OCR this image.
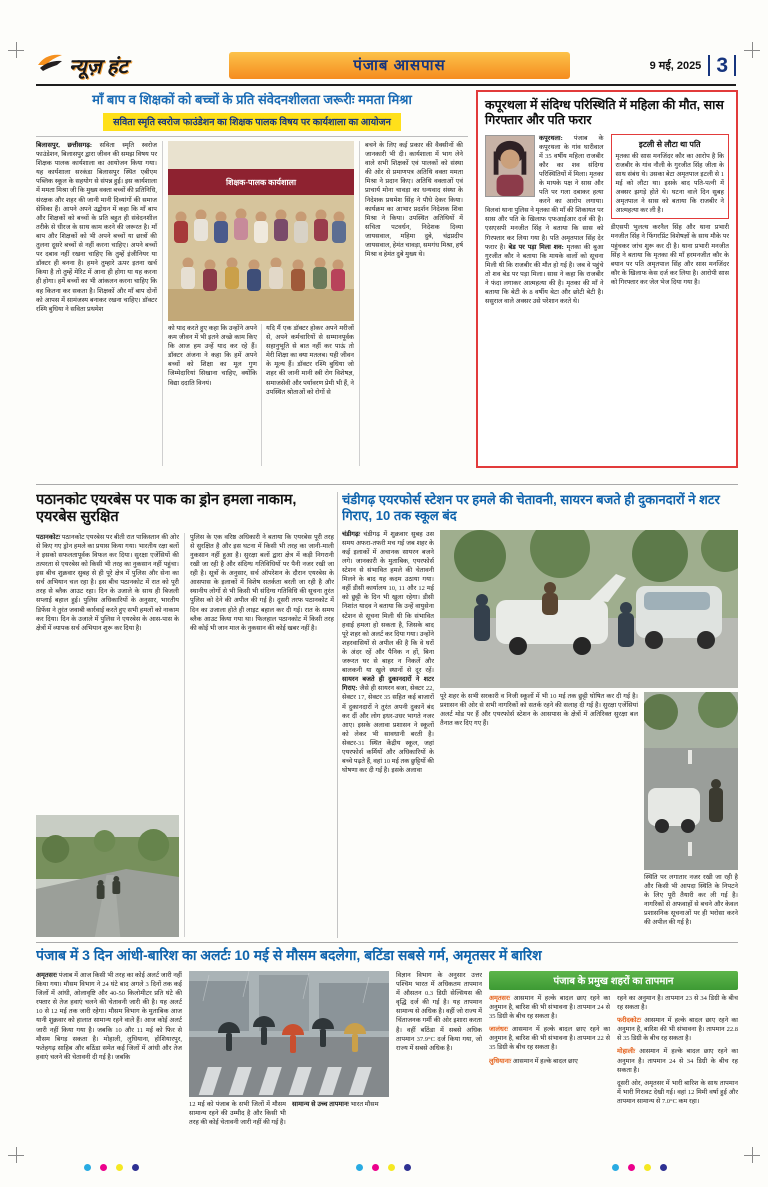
न्यूज़ हंट	पंजाब आसपास	9 मई, 2025 3
माँ बाप व शिक्षकों को बच्चों के प्रति संवेदनशीलता जरूरीः ममता मिश्रा
सविता स्मृति स्वरोज फाउंडेशन का शिक्षक पालक विषय पर कार्यशाला का आयोजन
बिलासपुर, छत्तीसगढ़: सविता स्मृति स्वरोज फाउंडेशन, बिलासपुर द्वारा जीवन की समझ विषय पर शिक्षक पालक कार्यशाला का आयोजन किया गया। यह कार्यशाला सरकंडा बिलासपुर स्थित एबीएम पब्लिक स्कूल के सहयोग से संपन्न हुई। इस कार्यशाला में ममता मिश्रा जी कि मुख्य वक्ता बच्चों की प्रतिनिधि, संरक्षक और शहर की जानी मानी दिव्यांगों की समाज सेविका हैं। आपने अपने उद्बोधन में कहा कि माँ बाप और शिक्षकों को बच्चों के प्रति बहुत ही संवेदनशील तरीके से धीरज के साथ काम करने की जरूरत है। माँ बाप और शिक्षकों को भी अपने बच्चों या छात्रों की तुलना दूसरे बच्चों से नहीं करना चाहिए। अपने बच्चों पर दबाव नहीं रखना चाहिए कि तुम्हें इंजीनियर या डॉक्टर ही बनना है। हमने तुम्हारे ऊपर इतना खर्च किया है तो तुम्हें मेरिट में आना ही होगा या यह करना ही होगा। हमें बच्चों का भी आंकलन करना चाहिए कि वह कितना कर सकता है। शिक्षकों और माँ बाप दोनों को आपस में सामंजस्य बनाकर रखना चाहिए। डॉक्टर रश्मि बुधिया ने सविता प्रथमेश
शिक्षक-पालक कार्यशाला
को याद करते हुए कहा कि उन्होंने अपने कम जीवन में भी इतने अच्छे काम किए कि आज हम उन्हें याद कर रहे हैं। डॉक्टर अंजना ने कहा कि हमें अपने बच्चों को शिक्षा का मूल गुण जिम्मेदारियां सिखाना चाहिए, क्योंकि विद्या ददाति विनयं।
यदि मैं एक डॉक्टर होकर अपने मरीजों से, अपने कर्मचारियों से सम्मानपूर्वक सहानुभूति से बात नहीं कर पाऊं तो मेरी शिक्षा का क्या मतलब। यही जीवन के मूल्य हैं। डॉक्टर रश्मि बुधिया जो शहर की जानी मानी स्त्री रोग विशेषज्ञ, समाजसेवी और पर्यावरण प्रेमी भी हैं, ने उपस्थित श्रोताओं को रोगों से
बचने के लिए कई प्रकार की वैक्सीनों की जानकारी भी दी। कार्यशाला में भाग लेने वाले सभी शिक्षकों एवं पालकों को संस्था की ओर से प्रमाणपत्र अतिथि वक्ता ममता मिश्रा ने प्रदान किए। अतिथि वक्ताओं एवं प्राचार्य मोना चावड़ा का धन्यवाद संस्था के निदेशक प्रथमेश सिंह ने पौधे देकर किया। कार्यक्रम का आभार प्रदर्शन निदेशक शिवा मिश्रा ने किया। उपस्थित अतिथियों में सचिता पटवर्धन, निदेशक दिव्या जायसवाल, महिमा दुबे, चंद्रप्रदीप जायसवाल, हेमंत चावड़ा, समगंध मिश्रा, हर्ष मिश्रा व हेमंत दुबे मुख्य थे।
कपूरथला में संदिग्ध परिस्थिति में महिला की मौत, सास गिरफ्तार और पति फरार
कपूरथला: पंजाब के कपूरथला के गांव घारीवाल में 35 वर्षीय महिला राजबीर कौर का शव संदिग्ध परिस्थितियों में मिला। मृतका के मायके पक्ष ने सास और पति पर गला दबाकर हत्या करने का आरोप लगाया। विलवां थाना पुलिस ने मृतका की माँ की शिकायत पर सास और पति के खिलाफ एफआईआर दर्ज की है। एसएसपी मनजीत सिंह ने बताया कि सास को गिरफ्तार कर लिया गया है। पति अमृतपाल सिंह देर फरार है। बेड पर पड़ा मिला शव: मृतका की बुआ गुरजीत कौर ने बताया कि मायके वालों को सूचना मिली थी कि राजबीर की मौत हो गई है। जब वे पहुंचे तो शव बेड पर पड़ा मिला। सास ने कहा कि राजबीर ने फंदा लगाकर आत्महत्या की है। मृतका की माँ ने बताया कि बेटी के 8 वर्षीय बेटा और छोटी बेटी है। ससुराल वाले अक्सर उसे परेशान करते थे।
इटली से लौटा था पति
मृतका की सास मनजिंदर कौर का आरोप है कि राजबीर के गांव नौली के गुरजीत सिंह जीता के साथ संबंध थे। उसका बेटा अमृतपाल इटली से 1 मई को लौटा था। इसके बाद पति-पत्नी में अक्सर झगड़े होते थे। घटना वाले दिन सुबह अमृतपाल ने सास को बताया कि राजबीर ने आत्महत्या कर ली है।
डीएसपी भुलत्थ करनैल सिंह और थाना प्रभारी मनजीत सिंह ने फिंगरप्रिंट विशेषज्ञों के साथ मौके पर पहुंचकर जांच शुरू कर दी है। थाना प्रभारी मनजीत सिंह ने बताया कि मृतका की माँ हरमनजीत कौर के बयान पर पति अमृतपाल सिंह और सास मनजिंदर कौर के खिलाफ केस दर्ज कर लिया है। आरोपी सास को गिरफ्तार कर जेल भेज दिया गया है।
पठानकोट एयरबेस पर पाक का ड्रोन हमला नाकाम, एयरबेस सुरक्षित
पठानकोटः पठानकोट एयरबेस पर बीती रात पाकिस्तान की ओर से किए गए ड्रोन हमले का प्रयास किया गया। भारतीय रक्षा बलों ने इसको सफलतापूर्वक विफल कर दिया। सुरक्षा एजेंसियों की तत्परता से एयरबेस को किसी भी तरह का नुकसान नहीं पहुंचा। इस बीच शुक्रवार सुबह से ही पूरे क्षेत्र में पुलिस और सेना का सर्च अभियान चल रहा है। इस बीच पठानकोट में रात को पूरी तरह से ब्लैक आउट रहा। दिन के उजाले के साथ ही बिजली सप्लाई बहाल हुई। पुलिस अधिकारियों के अनुसार, भारतीय डिफेंस ने तुरंत जवाबी कार्रवाई करते हुए सभी हमलों को नाकाम कर दिया। दिन के उजाले में पुलिस ने एयरबेस के आस-पास के क्षेत्रों में व्यापक सर्च अभियान शुरू कर दिया है।
पुलिस के एक वरिष्ठ अधिकारी ने बताया कि एयरबेस पूरी तरह से सुरक्षित है और इस घटना में किसी भी तरह का जानी-माली नुकसान नहीं हुआ है। सुरक्षा बलों द्वारा क्षेत्र में कड़ी निगरानी रखी जा रही है और संदिग्ध गतिविधियों पर पैनी नजर रखी जा रही है। सूत्रों के अनुसार, सर्च ऑपरेशन के दौरान एयरबेस के आसपास के इलाकों में विशेष सतर्कता बरती जा रही है और स्थानीय लोगों से भी किसी भी संदिग्ध गतिविधि की सूचना तुरंत पुलिस को देने की अपील की गई है। दूसरी तरफ पठानकोट में दिन का उजाला होते ही लाइट बहाल कर दी गई। रात के समय ब्लैक आउट किया गया था। फिलहाल पठानकोट में किसी तरह की कोई भी जान माल के नुकसान की कोई खबर नहीं है।
चंडीगढ़ एयरफोर्स स्टेशन पर हमले की चेतावनी, सायरन बजते ही दुकानदारों ने शटर गिराए, 10 तक स्कूल बंद
चंडीगढ़ः चंडीगढ़ में शुक्रवार सुबह उस समय अफरा-तफरी मच गई जब शहर के कई इलाकों में अचानक सायरन बजने लगे। जानकारी के मुताबिक, एयरफोर्स स्टेशन से संभावित हमले की चेतावनी मिलने के बाद यह कदम उठाया गया। वहीं डीसी कार्यालय 10, 11 और 12 मई को छुट्टी के दिन भी खुला रहेगा। डीसी निशांत यादव ने बताया कि उन्हें वायुसेना स्टेशन से सूचना मिली थी कि संभावित हवाई हमला हो सकता है, जिसके बाद पूरे शहर को अलर्ट कर दिया गया। उन्होंने शहरवासियों से अपील की है कि वे घरों के अंदर रहें और पैनिक न हों, बिना जरूरत घर से बाहर न निकलें और बालकनी या खुले स्थानों से दूर रहें। सायरन बजते ही दुकानदारों ने शटर गिराए: जैसे ही सायरन बजा, सेक्टर 22, सेक्टर 17, सेक्टर 35 सहित कई बाजारों में दुकानदारों ने तुरंत अपनी दुकानें बंद कर दीं और लोग इधर-उधर भागते नजर आए। इसके अलावा प्रशासन ने स्कूलों को लेकर भी सावधानी बरती है। सेक्टर-31 स्थित केंद्रीय स्कूल, जहां एयरफोर्स कर्मियों और अधिकारियों के बच्चे पढ़ते हैं, वहां 10 मई तक छुट्टियों की घोषणा कर दी गई है। इसके अलावा
पूरे शहर के सभी सरकारी व निजी स्कूलों में भी 10 मई तक छुट्टी घोषित कर दी गई है। प्रशासन की ओर से सभी नागरिकों को सतर्क रहने की सलाह दी गई है। सुरक्षा एजेंसियां अलर्ट मोड पर हैं और एयरफोर्स स्टेशन के आसपास के क्षेत्रों में अतिरिक्त सुरक्षा बल तैनात कर दिए गए हैं।
स्थिति पर लगातार नजर रखी जा रही है और किसी भी आपदा स्थिति के निपटने के लिए पूरी तैयारी कर ली गई है। नागरिकों से अफवाहों से बचने और केवल प्रशासनिक सूचनाओं पर ही भरोसा करने की अपील की गई है।
पंजाब में 3 दिन आंधी-बारिश का अलर्टः 10 मई से मौसम बदलेगा, बटिंडा सबसे गर्म, अमृतसर में बारिश
अमृतसरः पंजाब में आज किसी भी तरह का कोई अलर्ट जारी नहीं किया गया। मौसम विभाग ने 24 घंटे बाद अगले 3 दिनों तक कई जिलों में आंधी, ओलावृष्टि और 40-50 किलोमीटर प्रति घंटे की रफ्तार से तेज हवाएं चलने की चेतावनी जारी की है। यह अलर्ट 10 से 12 मई तक जारी रहेगा। मौसम विभाग के मुताबिक आज यानी शुक्रवार को हालात सामान्य रहने वाले हैं। आज कोई अलर्ट जारी नहीं किया गया है। जबकि 10 और 11 मई को फिर से मौसम बिगड़ सकता है। मोहाली, लुधियाना, होशियारपुर, फतेहगढ़ साहिब और बठिंडा समेत कई जिलों में आंधी और तेज हवाएं चलने की चेतावनी दी गई है। जबकि
12 मई को पंजाब के सभी जिलों में मौसम सामान्य रहने की उम्मीद है और किसी भी तरह की कोई चेतावनी जारी नहीं की गई है।
सामान्य से उच्च तापमानः भारत मौसम
विज्ञान विभाग के अनुसार उत्तर पश्चिम भारत में अधिकतम तापमान में औसतन 0.3 डिग्री सेल्सियस की वृद्धि दर्ज की गई है। यह तापमान सामान्य से अधिक है। वहीं जो राज्य में चिंताजनक गर्मी की ओर इशारा करता है। वहीं बठिंडा में सबसे अधिक तापमान 37.9°C दर्ज किया गया, जो राज्य में सबसे अधिक है।
पंजाब के प्रमुख शहरों का तापमान
अमृतसरः आसमान में हल्के बादल छाए रहने का अनुमान है, बारिश की भी संभावना है। तापमान 24 से 35 डिग्री के बीच रह सकता है।
जालंधरः आसमान में हल्के बादल छाए रहने का अनुमान है, बारिश की भी संभावना है। तापमान 22 से 35 डिग्री के बीच रह सकता है।
लुधियानाः आसमान में हल्के बादल छाए
रहने का अनुमान है। तापमान 23 से 34 डिग्री के बीच रह सकता है।
फरीदकोटः आसमान में हल्के बादल छाए रहने का अनुमान है, बारिश की भी संभावना है। तापमान 22.8 से 35 डिग्री के बीच रह सकता है।
मोहालीः आसमान में हल्के बादल छाए रहने का अनुमान है। तापमान 24 से 34 डिग्री के बीच रह सकता है।
दूसरी ओर, अमृतसर में भारी बारिश के साथ तापमान में भारी गिरावट देखी गई। वहां 12 मिमी वर्षा हुई और तापमान सामान्य से 7.0°C कम रहा।
